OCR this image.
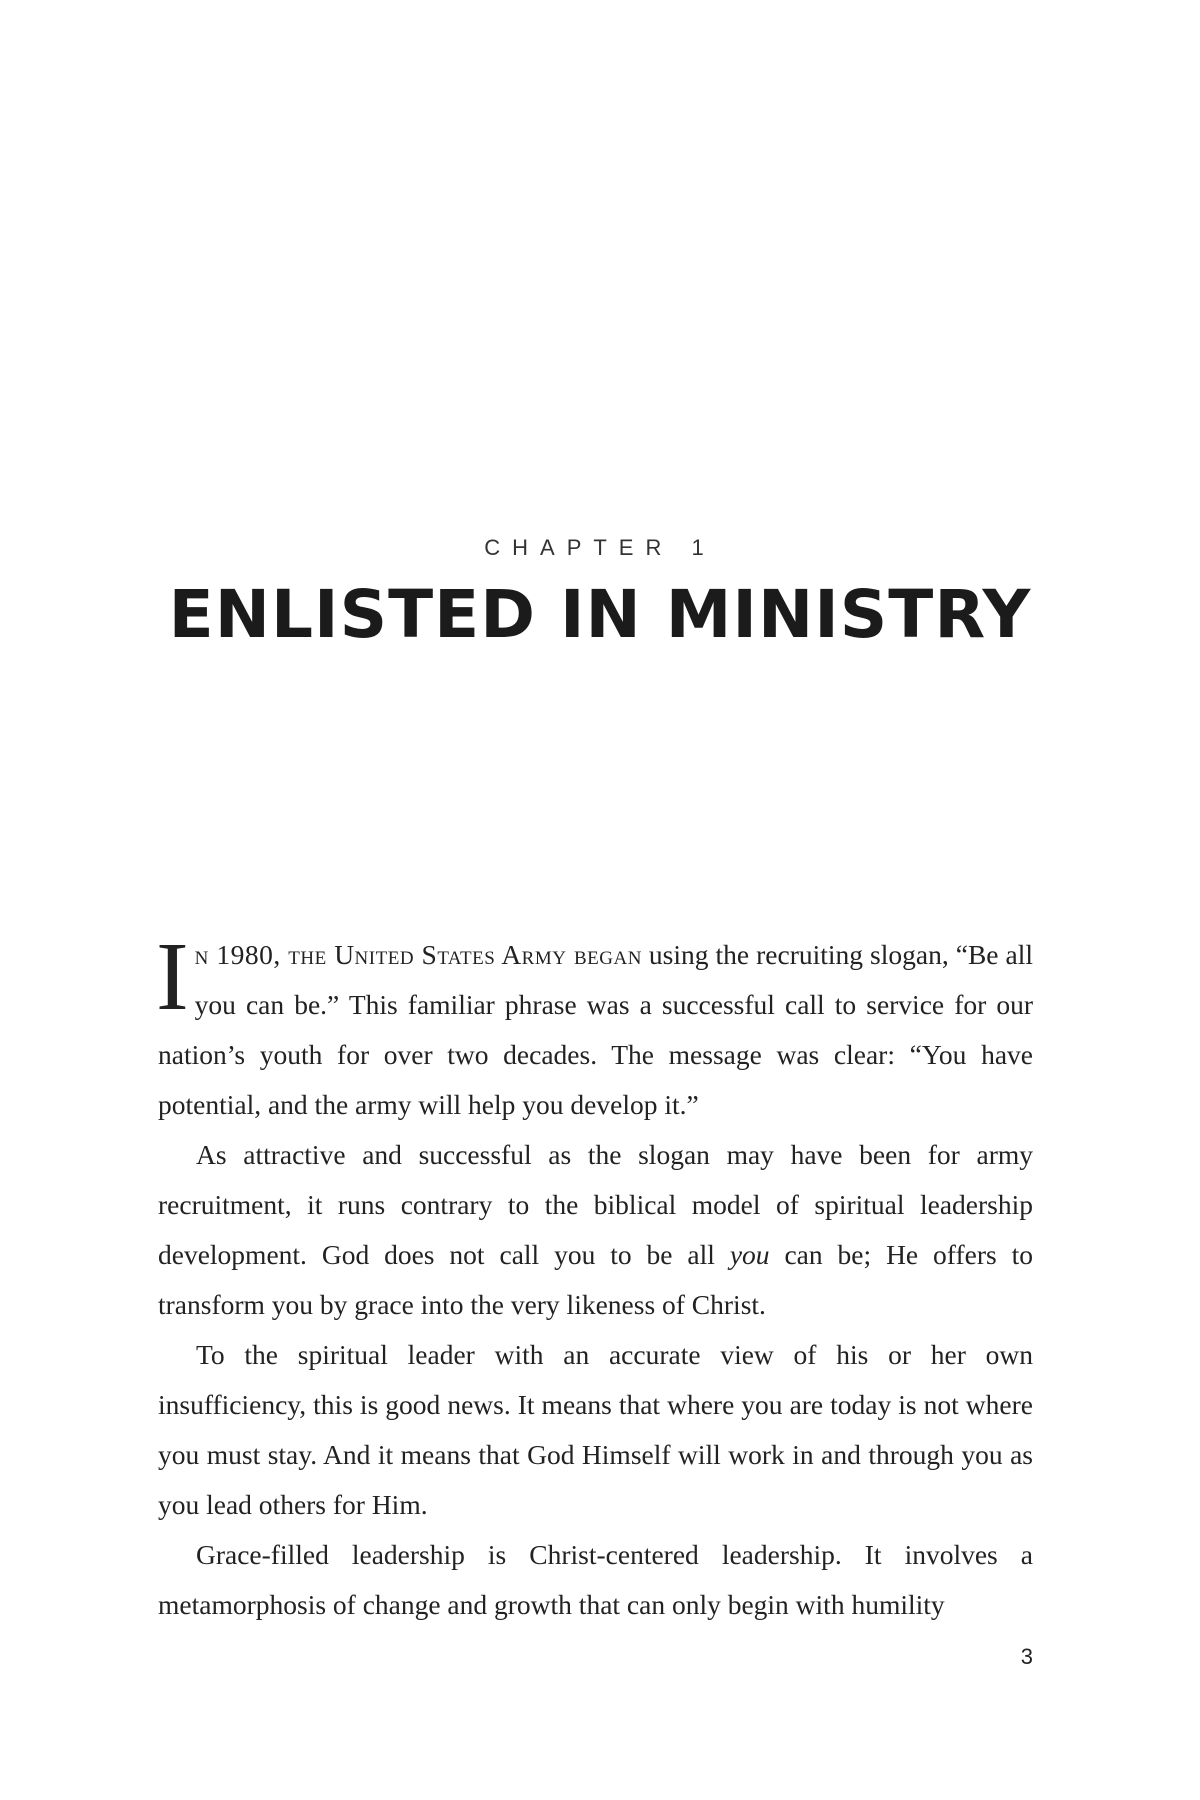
CHAPTER 1
ENLISTED IN MINISTRY

In 1980, the United States Army began using the recruiting slogan, “Be all you can be.” This familiar phrase was a successful call to service for our nation’s youth for over two decades. The message was clear: “You have potential, and the army will help you develop it.”

As attractive and successful as the slogan may have been for army recruitment, it runs contrary to the biblical model of spiritual leadership development. God does not call you to be all you can be; He offers to transform you by grace into the very likeness of Christ.

To the spiritual leader with an accurate view of his or her own insufficiency, this is good news. It means that where you are today is not where you must stay. And it means that God Himself will work in and through you as you lead others for Him.

Grace-filled leadership is Christ-centered leadership. It involves a metamorphosis of change and growth that can only begin with humility

3
